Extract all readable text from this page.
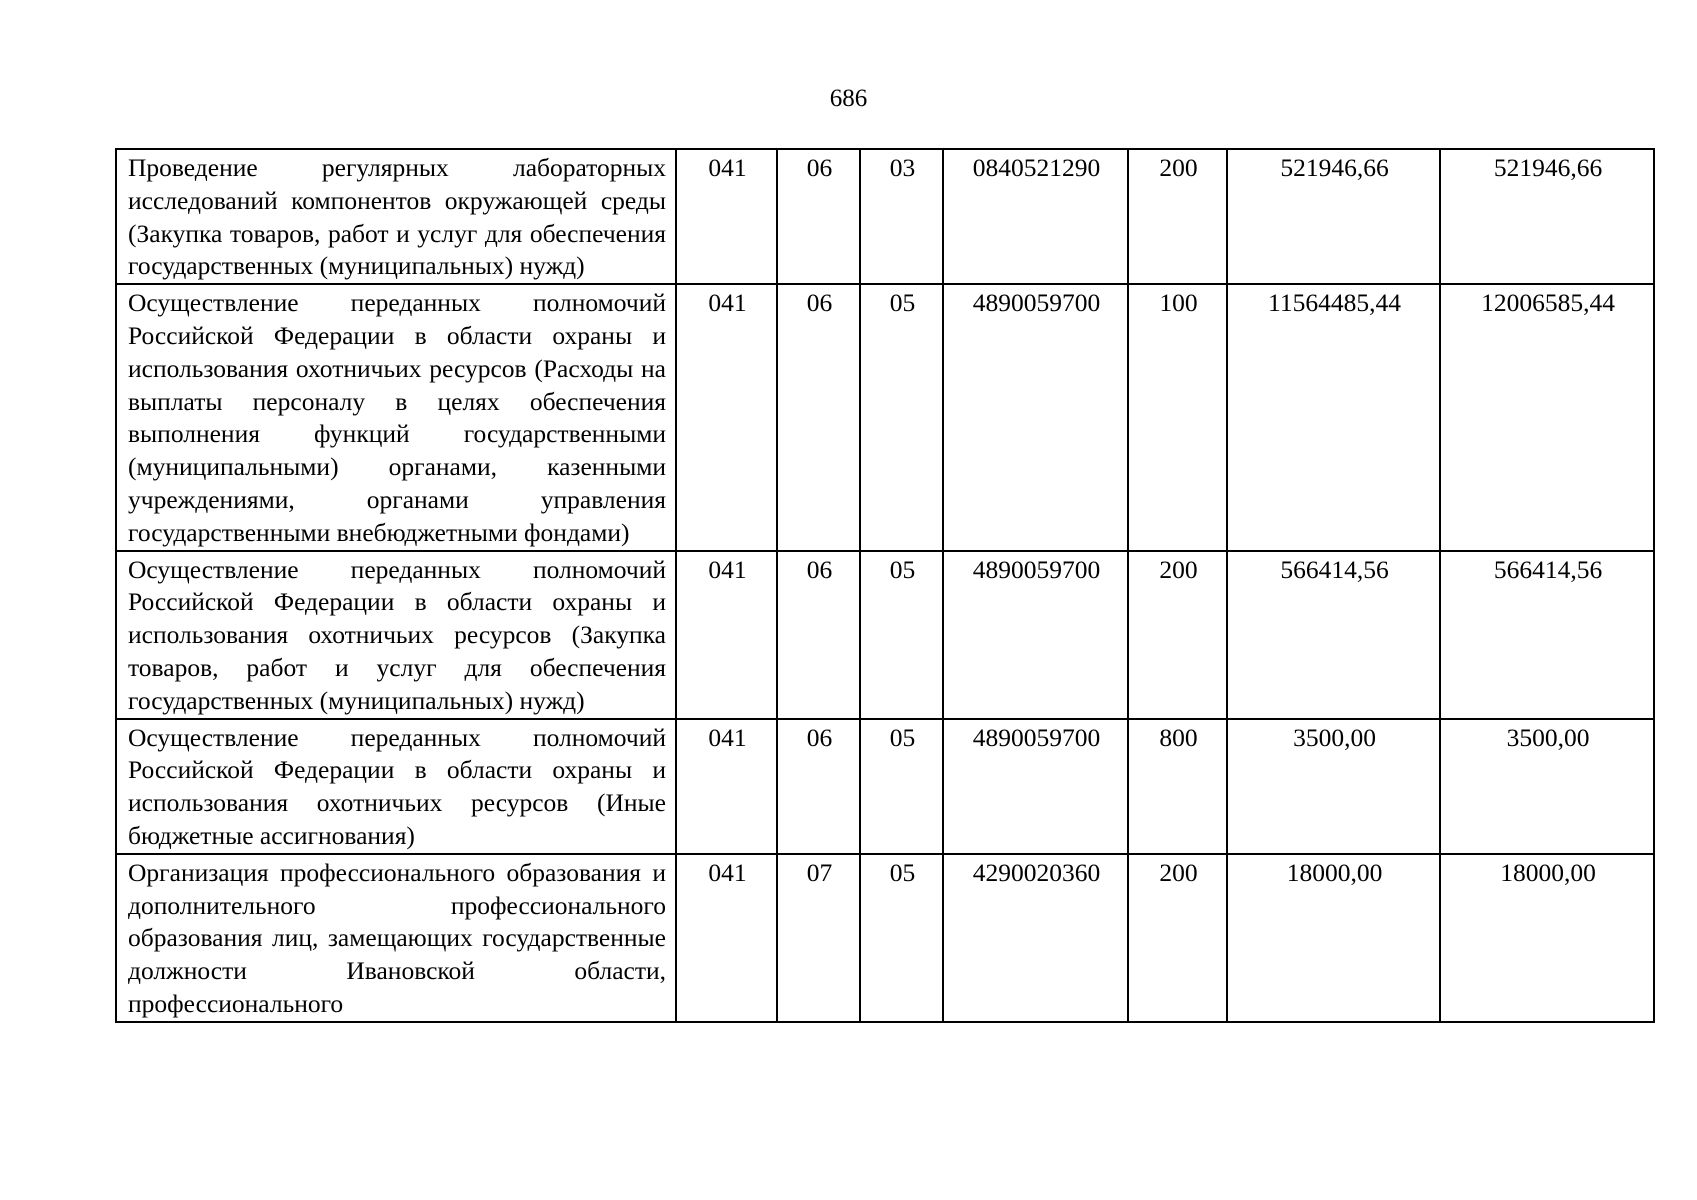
686
Проведение регулярных лабораторных исследований компонентов окружающей среды (Закупка товаров, работ и услуг для обеспечения государственных (муниципальных) нужд)	041	06	03	0840521290	200	521946,66	521946,66
Осуществление переданных полномочий Российской Федерации в области охраны и использования охотничьих ресурсов (Расходы на выплаты персоналу в целях обеспечения выполнения функций государственными (муниципальными) органами, казенными учреждениями, органами управления государственными внебюджетными фондами)	041	06	05	4890059700	100	11564485,44	12006585,44
Осуществление переданных полномочий Российской Федерации в области охраны и использования охотничьих ресурсов (Закупка товаров, работ и услуг для обеспечения государственных (муниципальных) нужд)	041	06	05	4890059700	200	566414,56	566414,56
Осуществление переданных полномочий Российской Федерации в области охраны и использования охотничьих ресурсов (Иные бюджетные ассигнования)	041	06	05	4890059700	800	3500,00	3500,00
Организация профессионального образования и дополнительного профессионального образования лиц, замещающих государственные должности Ивановской области, профессионального	041	07	05	4290020360	200	18000,00	18000,00
